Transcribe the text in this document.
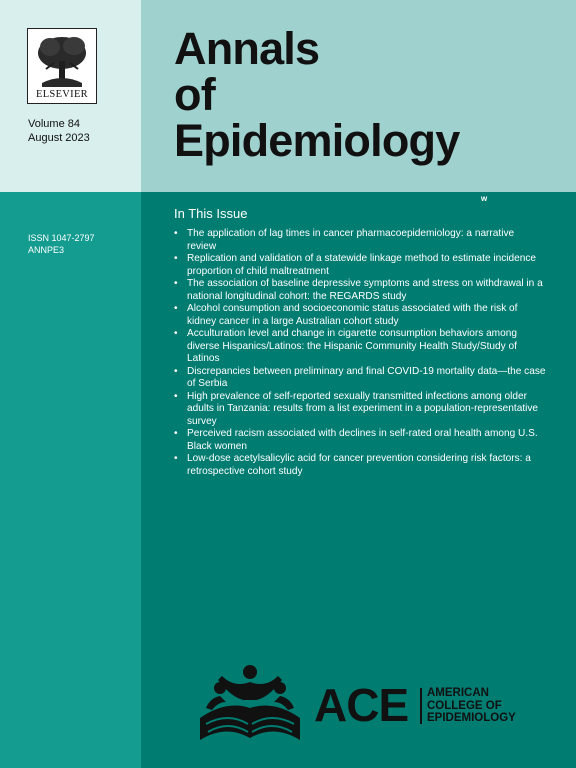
ELSEVIER
Volume 84
August 2023
Annals
of
Epidemiology
w
ISSN 1047-2797
ANNPE3
In This Issue
• The application of lag times in cancer pharmacoepidemiology: a narrative review
• Replication and validation of a statewide linkage method to estimate incidence proportion of child maltreatment
• The association of baseline depressive symptoms and stress on withdrawal in a national longitudinal cohort: the REGARDS study
• Alcohol consumption and socioeconomic status associated with the risk of kidney cancer in a large Australian cohort study
• Acculturation level and change in cigarette consumption behaviors among diverse Hispanics/Latinos: the Hispanic Community Health Study/Study of Latinos
• Discrepancies between preliminary and final COVID-19 mortality data—the case of Serbia
• High prevalence of self-reported sexually transmitted infections among older adults in Tanzania: results from a list experiment in a population-representative survey
• Perceived racism associated with declines in self-rated oral health among U.S. Black women
• Low-dose acetylsalicylic acid for cancer prevention considering risk factors: a retrospective cohort study
ACE AMERICAN
COLLEGE OF
EPIDEMIOLOGY
